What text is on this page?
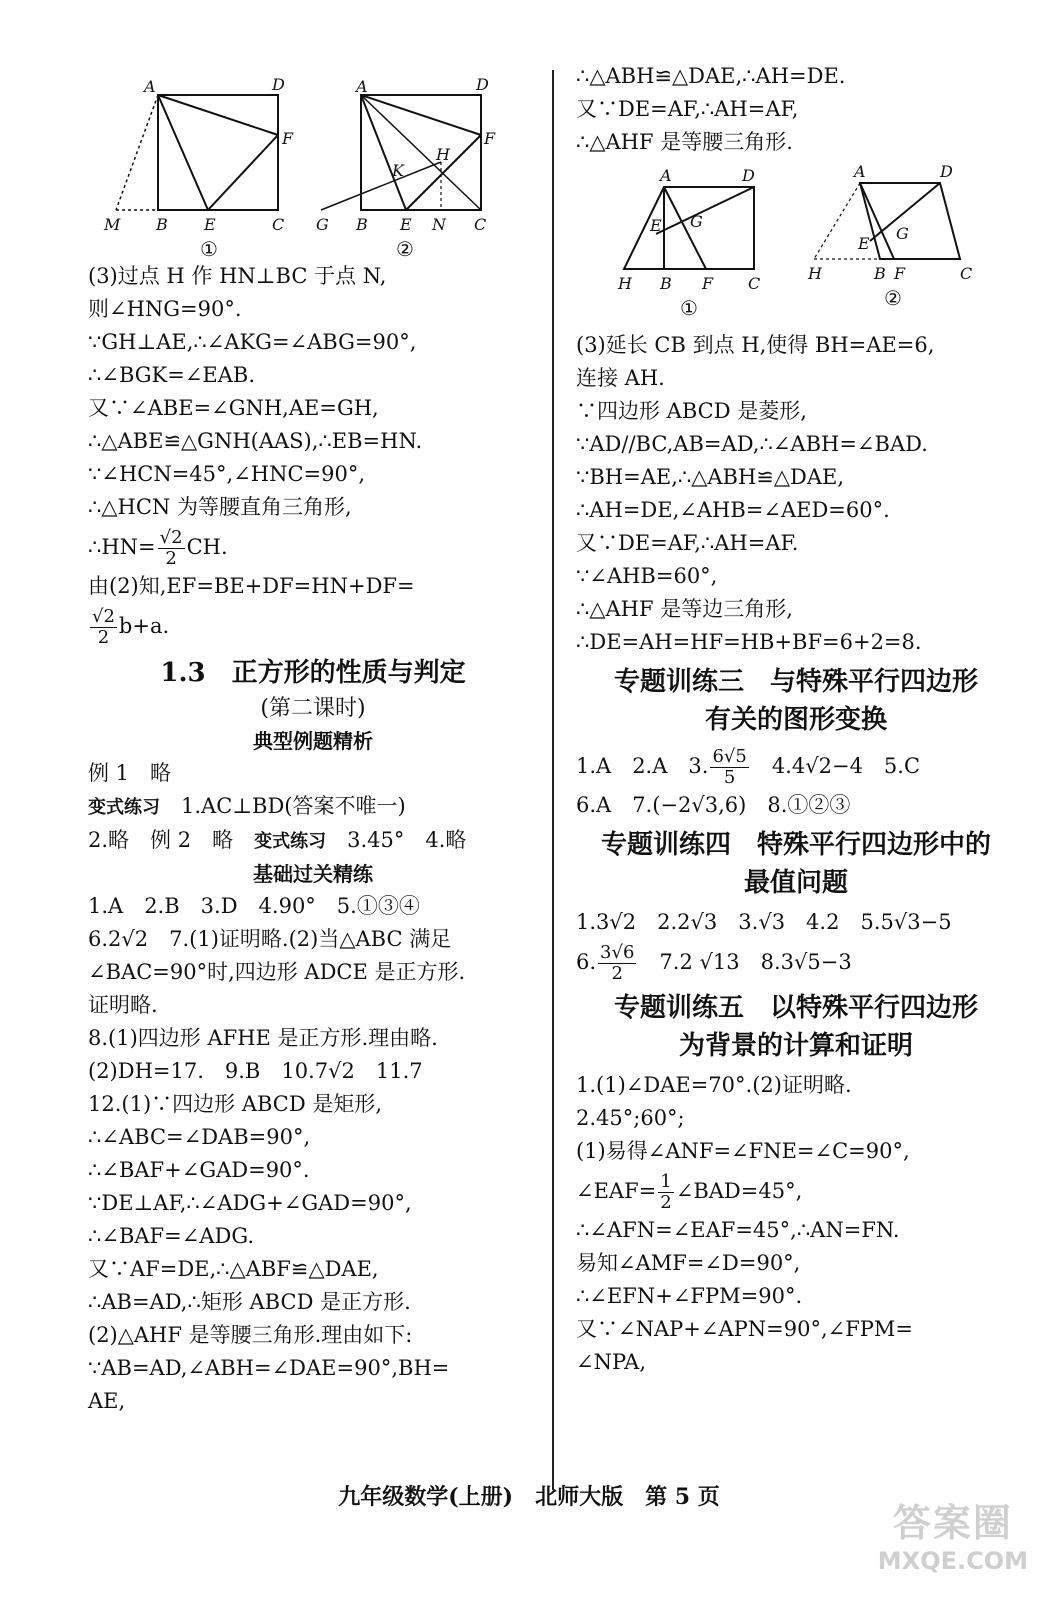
A	D
F
M B E	C
①
A	D
F
K
H
G B E N C
②
(3)过点 H 作 HN⊥BC 于点 N,
则∠HNG=90°.
∵GH⊥AE,∴∠AKG=∠ABG=90°,
∴∠BGK=∠EAB.
又∵∠ABE=∠GNH,AE=GH,
∴△ABE≌△GNH(AAS),∴EB=HN.
∵∠HCN=45°,∠HNC=90°,
∴△HCN 为等腰直角三角形,
∴HN= $\frac{√2}{2}$ CH.
由(2)知,EF=BE+DF=HN+DF=
$\frac{√2}{2} b+a$.
1.3　正方形的性质与判定
(第二课时)
典型例题精析
例 1　略
变式练习　1.AC⊥BD(答案不唯一)
2.略　例 2　略　变式练习　3.45°　4.略
基础过关精练
1.A　2.B　3.D　4.90°　5.①③④
6.2√2　7.(1)证明略.(2)当△ABC 满足
∠BAC=90°时,四边形 ADCE 是正方形.
证明略.
8.(1)四边形 AFHE 是正方形.理由略.
(2)DH=17.　9.B　10.7√2　11.7
12.(1)∵四边形 ABCD 是矩形,
∴∠ABC=∠DAB=90°,
∴∠BAF+∠GAD=90°.
∵DE⊥AF,∴∠ADG+∠GAD=90°,
∴∠BAF=∠ADG.
又∵AF=DE,∴△ABF≌△DAE,
∴AB=AD,∴矩形 ABCD 是正方形.
(2)△AHF 是等腰三角形.理由如下:
∵AB=AD,∠ABH=∠DAE=90°,BH=
AE,
∴△ABH≌△DAE,∴AH=DE.
又∵DE=AF,∴AH=AF,
∴△AHF 是等腰三角形.
A	D
E G
H B F C
①
A	D
E
G
H	B F	C
②
(3)延长 CB 到点 H,使得 BH=AE=6,
连接 AH.
∵四边形 ABCD 是菱形,
∵AD//BC,AB=AD,∴∠ABH=∠BAD.
∵BH=AE,∴△ABH≌△DAE,
∴AH=DE,∠AHB=∠AED=60°.
又∵DE=AF,∴AH=AF.
∵∠AHB=60°,
∴△AHF 是等边三角形,
∴DE=AH=HF=HB+BF=6+2=8.
专题训练三　与特殊平行四边形
有关的图形变换
1.A　2.A　3. $\frac{6√5}{5}$ 　4.4√2−4　5.C
6.A　7.(−2√3,6)　8.①②③
专题训练四　特殊平行四边形中的
最值问题
1.3√2　2.2√3　3.√3　4.2　5.5√3−5
6. $\frac{3√6}{2}$ 　7.2 √13　8.3√5−3
专题训练五　以特殊平行四边形
为背景的计算和证明
1.(1)∠DAE=70°.(2)证明略.
2.45°;60°;
(1)易得∠ANF=∠FNE=∠C=90°,
∠EAF= $\frac{1}{2}$ ∠BAD=45°,
∴∠AFN=∠EAF=45°,∴AN=FN.
易知∠AMF=∠D=90°,
∴∠EFN+∠FPM=90°.
又∵∠NAP+∠APN=90°,∠FPM=
∠NPA,
九年级数学(上册)　北师大版　第 5 页
答案圈
MXQE.COM
